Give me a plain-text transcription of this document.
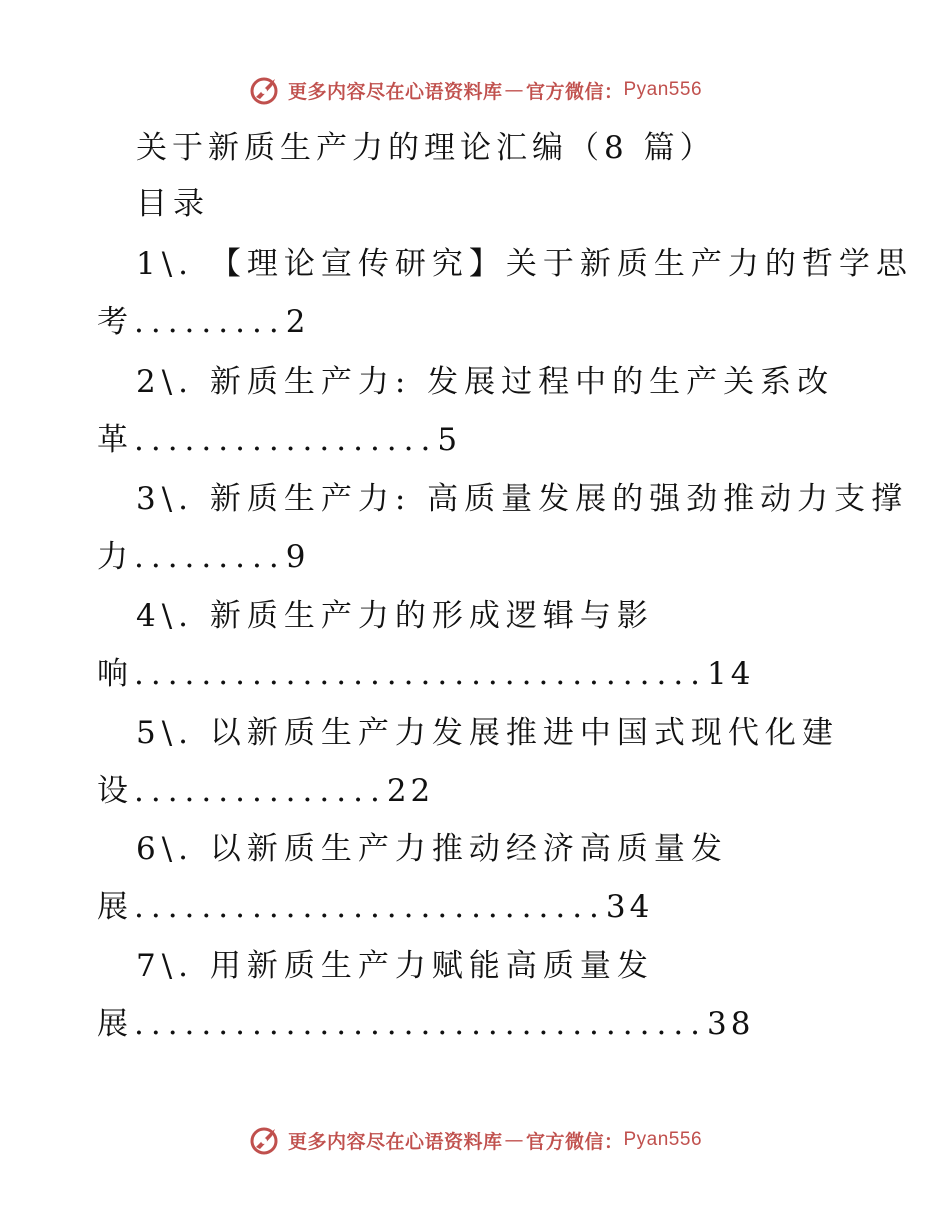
更多内容尽在心语资料库 — 官方微信： Pyan556
关于新质生产力的理论汇编（8 篇）
目录
1\. 【理论宣传研究】关于新质生产力的哲学思
考.........2
2\. 新质生产力: 发展过程中的生产关系改
革..................5
3\. 新质生产力: 高质量发展的强劲推动力支撑
力.........9
4\. 新质生产力的形成逻辑与影
响..................................14
5\. 以新质生产力发展推进中国式现代化建
设...............22
6\. 以新质生产力推动经济高质量发
展............................34
7\. 用新质生产力赋能高质量发
展..................................38
更多内容尽在心语资料库 — 官方微信： Pyan556
